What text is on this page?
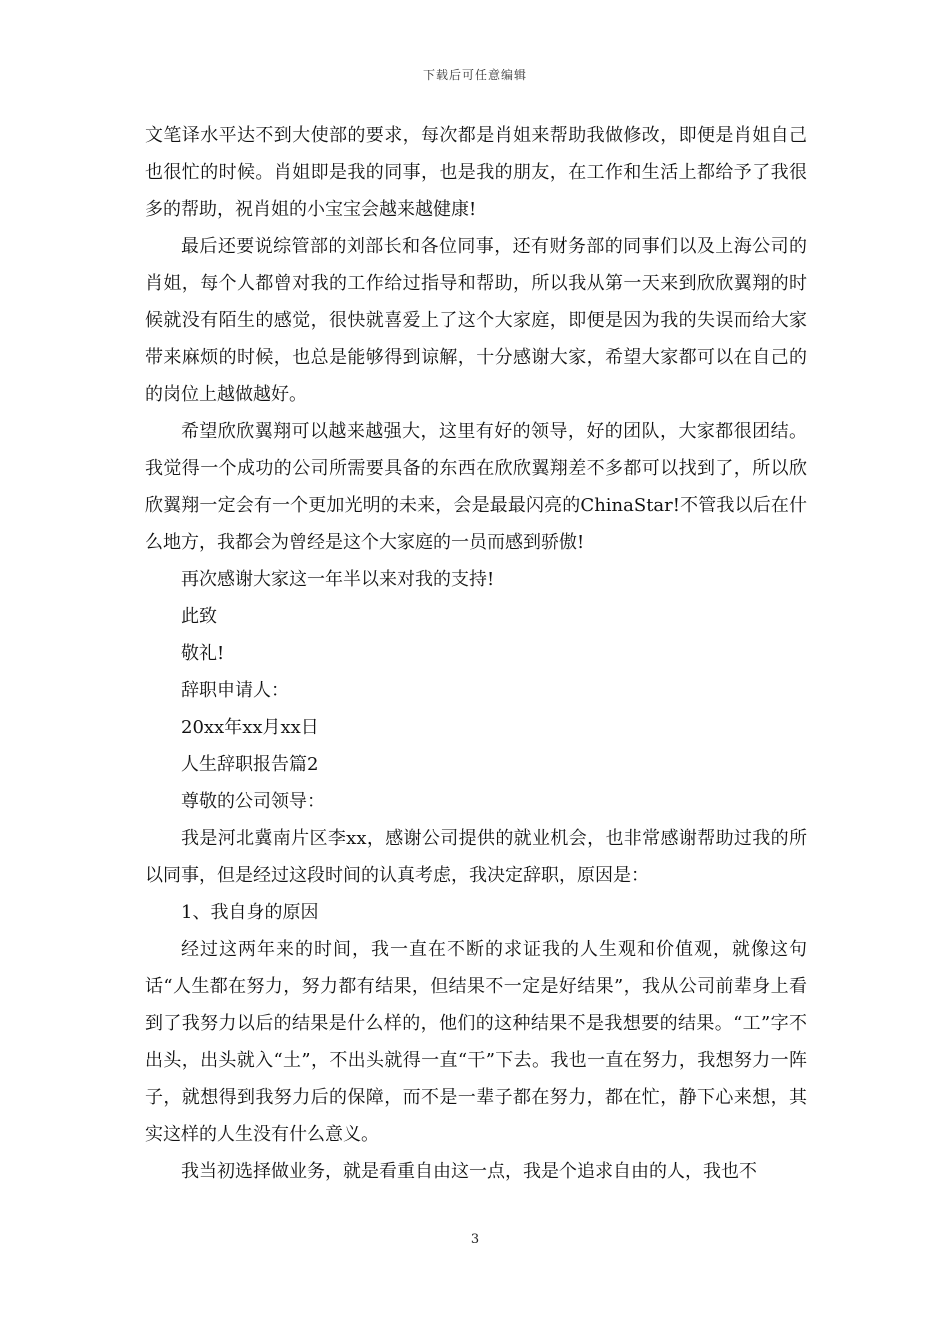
下载后可任意编辑

文笔译水平达不到大使部的要求，每次都是肖姐来帮助我做修改，即便是肖姐自己也很忙的时候。肖姐即是我的同事，也是我的朋友，在工作和生活上都给予了我很多的帮助，祝肖姐的小宝宝会越来越健康!

最后还要说综管部的刘部长和各位同事，还有财务部的同事们以及上海公司的肖姐，每个人都曾对我的工作给过指导和帮助，所以我从第一天来到欣欣翼翔的时候就没有陌生的感觉，很快就喜爱上了这个大家庭，即便是因为我的失误而给大家带来麻烦的时候，也总是能够得到谅解，十分感谢大家，希望大家都可以在自己的的岗位上越做越好。

希望欣欣翼翔可以越来越强大，这里有好的领导，好的团队，大家都很团结。我觉得一个成功的公司所需要具备的东西在欣欣翼翔差不多都可以找到了，所以欣欣翼翔一定会有一个更加光明的未来，会是最最闪亮的ChinaStar!不管我以后在什么地方，我都会为曾经是这个大家庭的一员而感到骄傲!

再次感谢大家这一年半以来对我的支持!

此致

敬礼!

辞职申请人：

20xx年xx月xx日

人生辞职报告篇2

尊敬的公司领导：

我是河北冀南片区李xx，感谢公司提供的就业机会，也非常感谢帮助过我的所以同事，但是经过这段时间的认真考虑，我决定辞职，原因是：

1、我自身的原因

经过这两年来的时间，我一直在不断的求证我的人生观和价值观，就像这句话“人生都在努力，努力都有结果，但结果不一定是好结果”，我从公司前辈身上看到了我努力以后的结果是什么样的，他们的这种结果不是我想要的结果。“工”字不出头，出头就入“土”，不出头就得一直“干”下去。我也一直在努力，我想努力一阵子，就想得到我努力后的保障，而不是一辈子都在努力，都在忙，静下心来想，其实这样的人生没有什么意义。

我当初选择做业务，就是看重自由这一点，我是个追求自由的人，我也不

3
